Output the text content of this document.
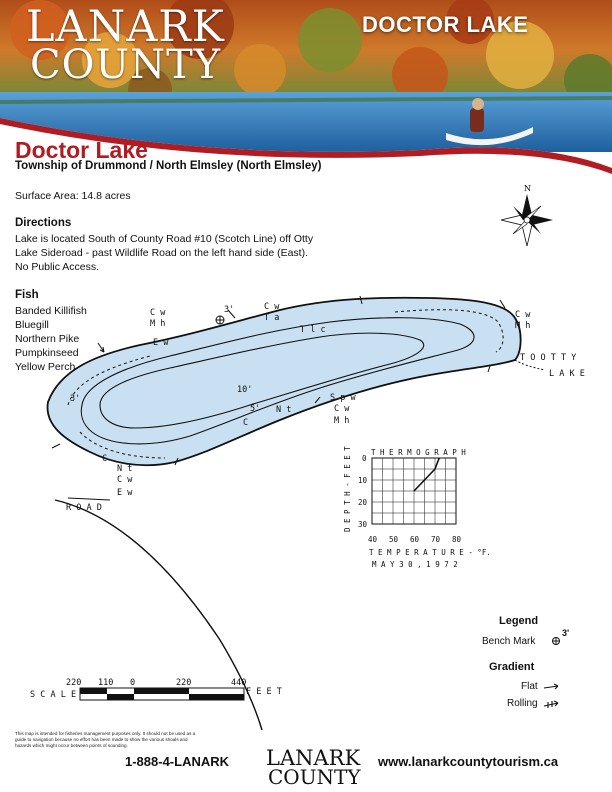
LANARK
COUNTY
DOCTOR LAKE
Doctor Lake
Township of Drummond / North Elmsley (North Elmsley)
Surface Area: 14.8 acres
Directions
Lake is located South of County Road #10 (Scotch Line) off Otty
Lake Sideroad - past Wildlife Road on the left hand side (East).
No Public Access.
Fish
Banded Killifish
Bluegill
Northern Pike
Pumpkinseed
Yellow Perch
N
3'
C w
M h
E w
C w
T a
T l c
C w
M h
T O O T T Y
L A K E
10'
5'
3'
C
N t
S p w
C w
M h
C
N t
C w
E w
R O A D
T H E R M O G R A P H
D E P T H - F E E T 0
10
20
30
40 50 60 70 80
T E M P E R A T U R E - °F.
M A Y 3 0 , 1 9 7 2
220 110 0	220	440
S C A L E	F E E T
Legend
Bench Mark
3'
Gradient
Flat
Rolling
This map is intended for fisheries management purposes only. It should not be used as a guide to navigation because no effort has been made to show the various shoals and hazards which might occur between points of sounding.
1-888-4-LANARK LANARK
COUNTY
www.lanarkcountytourism.ca
